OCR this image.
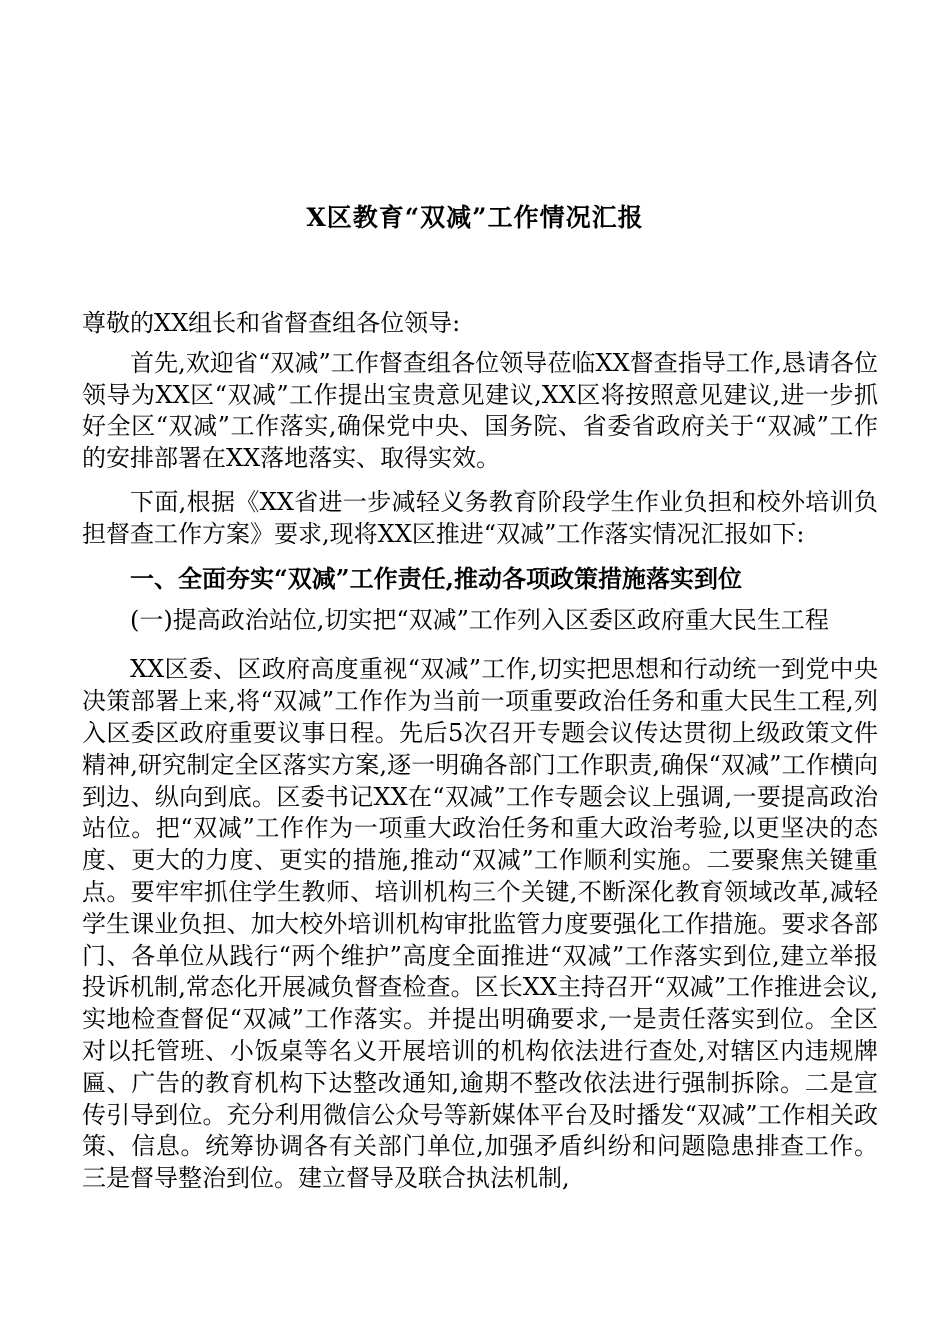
X区教育“双减”工作情况汇报

尊敬的XX组长和省督查组各位领导:

首先,欢迎省“双减”工作督查组各位领导莅临XX督查指导工作,恳请各位领导为XX区“双减”工作提出宝贵意见建议,XX区将按照意见建议,进一步抓好全区“双减”工作落实,确保党中央、国务院、省委省政府关于“双减”工作的安排部署在XX落地落实、取得实效。

下面,根据《XX省进一步减轻义务教育阶段学生作业负担和校外培训负担督查工作方案》要求,现将XX区推进“双减”工作落实情况汇报如下:

一、全面夯实“双减”工作责任,推动各项政策措施落实到位

(一)提高政治站位,切实把“双减”工作列入区委区政府重大民生工程

XX区委、区政府高度重视“双减”工作,切实把思想和行动统一到党中央决策部署上来,将“双减”工作作为当前一项重要政治任务和重大民生工程,列入区委区政府重要议事日程。先后5次召开专题会议传达贯彻上级政策文件精神,研究制定全区落实方案,逐一明确各部门工作职责,确保“双减”工作横向到边、纵向到底。区委书记XX在“双减”工作专题会议上强调,一要提高政治站位。把“双减”工作作为一项重大政治任务和重大政治考验,以更坚决的态度、更大的力度、更实的措施,推动“双减”工作顺利实施。二要聚焦关键重点。要牢牢抓住学生教师、培训机构三个关键,不断深化教育领域改革,减轻学生课业负担、加大校外培训机构审批监管力度要强化工作措施。要求各部门、各单位从践行“两个维护”高度全面推进“双减”工作落实到位,建立举报投诉机制,常态化开展减负督查检查。区长XX主持召开“双减”工作推进会议,实地检查督促“双减”工作落实。并提出明确要求,一是责任落实到位。全区对以托管班、小饭桌等名义开展培训的机构依法进行查处,对辖区内违规牌匾、广告的教育机构下达整改通知,逾期不整改依法进行强制拆除。二是宣传引导到位。充分利用微信公众号等新媒体平台及时播发“双减”工作相关政策、信息。统筹协调各有关部门单位,加强矛盾纠纷和问题隐患排查工作。三是督导整治到位。建立督导及联合执法机制,
